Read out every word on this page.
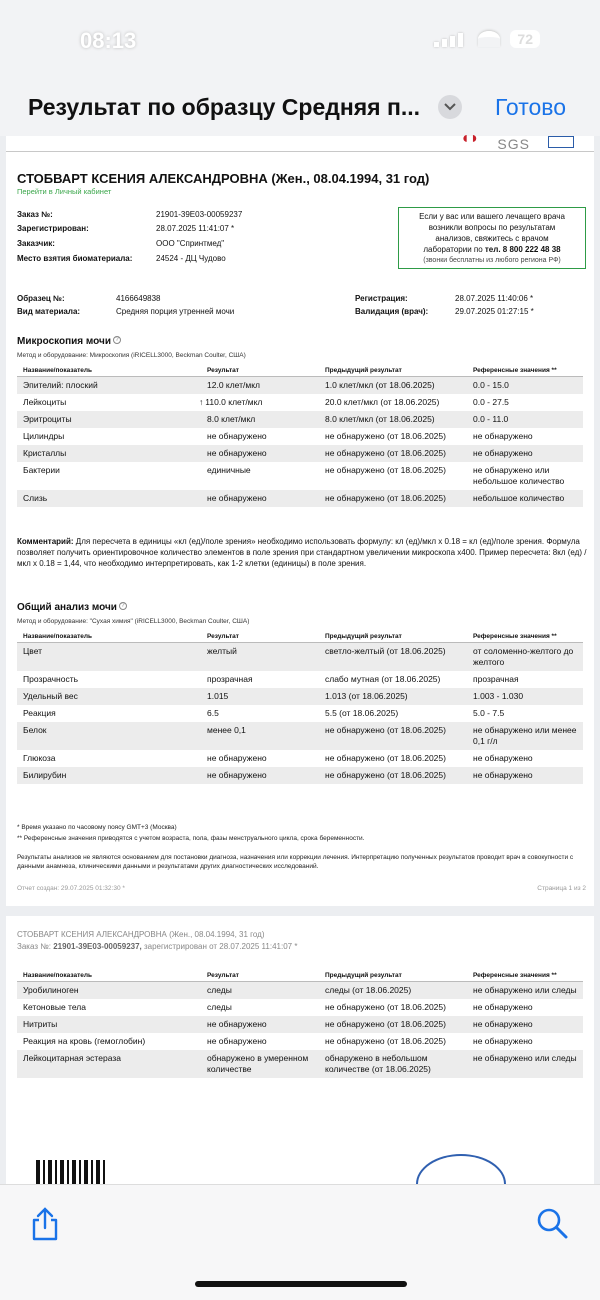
08:13	72
Результат по образцу Средняя п...	Готово
◖◗ SGS
СТОБВАРТ КСЕНИЯ АЛЕКСАНДРОВНА (Жен., 08.04.1994, 31 год)
Перейти в Личный кабинет
Заказ №:	21901-39E03-00059237
Зарегистрирован:	28.07.2025 11:41:07 *
Заказчик:	ООО "Спринтмед"
Место взятия биоматериала:	24524 - ДЦ Чудово
Если у вас или вашего лечащего врача
возникли вопросы по результатам
анализов, свяжитесь с врачом
лаборатории по тел. 8 800 222 48 38
(звонки бесплатны из любого региона РФ)
Образец №:	4166649838
Вид материала:	Средняя порция утренней мочи
Регистрация:	28.07.2025 11:40:06 *
Валидация (врач):	29.07.2025 01:27:15 *
Микроскопия мочи ?
Метод и оборудование: Микроскопия (iRICELL3000, Beckman Coulter, США)
Название/показатель	Результат	Предыдущий результат	Референсные значения **
Эпителий: плоский	12.0 клет/мкл	1.0 клет/мкл (от 18.06.2025)	0.0 - 15.0
Лейкоциты	↑ 110.0 клет/мкл	20.0 клет/мкл (от 18.06.2025)	0.0 - 27.5
Эритроциты	8.0 клет/мкл	8.0 клет/мкл (от 18.06.2025)	0.0 - 11.0
Цилиндры	не обнаружено	не обнаружено (от 18.06.2025)	не обнаружено
Кристаллы	не обнаружено	не обнаружено (от 18.06.2025)	не обнаружено
Бактерии	единичные	не обнаружено (от 18.06.2025)	не обнаружено или небольшое количество
Слизь	не обнаружено	не обнаружено (от 18.06.2025)	небольшое количество
Комментарий: Для пересчета в единицы «кл (ед)/поле зрения» необходимо использовать формулу: кл (ед)/мкл х 0.18 = кл (ед)/поле зрения. Формула позволяет получить ориентировочное количество элементов в поле зрения при стандартном увеличении микроскопа х400. Пример пересчета: 8кл (ед) /мкл х 0.18 = 1,44, что необходимо интерпретировать, как 1-2 клетки (единицы) в поле зрения.
Общий анализ мочи ?
Метод и оборудование: "Сухая химия" (iRICELL3000, Beckman Coulter, США)
Название/показатель	Результат	Предыдущий результат	Референсные значения **
Цвет	желтый	светло-желтый (от 18.06.2025)	от соломенно-желтого до желтого
Прозрачность	прозрачная	слабо мутная (от 18.06.2025)	прозрачная
Удельный вес	1.015	1.013 (от 18.06.2025)	1.003 - 1.030
Реакция	6.5	5.5 (от 18.06.2025)	5.0 - 7.5
Белок	менее 0,1	не обнаружено (от 18.06.2025)	не обнаружено или менее 0,1 г/л
Глюкоза	не обнаружено	не обнаружено (от 18.06.2025)	не обнаружено
Билирубин	не обнаружено	не обнаружено (от 18.06.2025)	не обнаружено
* Время указано по часовому поясу GMT+3 (Москва)
** Референсные значения приводятся с учетом возраста, пола, фазы менструального цикла, срока беременности.
Результаты анализов не являются основанием для постановки диагноза, назначения или коррекции лечения. Интерпретацию полученных результатов проводит врач в совокупности с данными анамнеза, клиническими данными и результатами других диагностических исследований.
Отчет создан: 29.07.2025 01:32:30 *	Страница 1 из 2
СТОБВАРТ КСЕНИЯ АЛЕКСАНДРОВНА (Жен., 08.04.1994, 31 год)
Заказ №: 21901-39E03-00059237, зарегистрирован от 28.07.2025 11:41:07 *
Название/показатель	Результат	Предыдущий результат	Референсные значения **
Уробилиноген	следы	следы (от 18.06.2025)	не обнаружено или следы
Кетоновые тела	следы	не обнаружено (от 18.06.2025)	не обнаружено
Нитриты	не обнаружено	не обнаружено (от 18.06.2025)	не обнаружено
Реакция на кровь (гемоглобин)	не обнаружено	не обнаружено (от 18.06.2025)	не обнаружено
Лейкоцитарная эстераза	обнаружено в умеренном количестве	обнаружено в небольшом количестве (от 18.06.2025)	не обнаружено или следы
